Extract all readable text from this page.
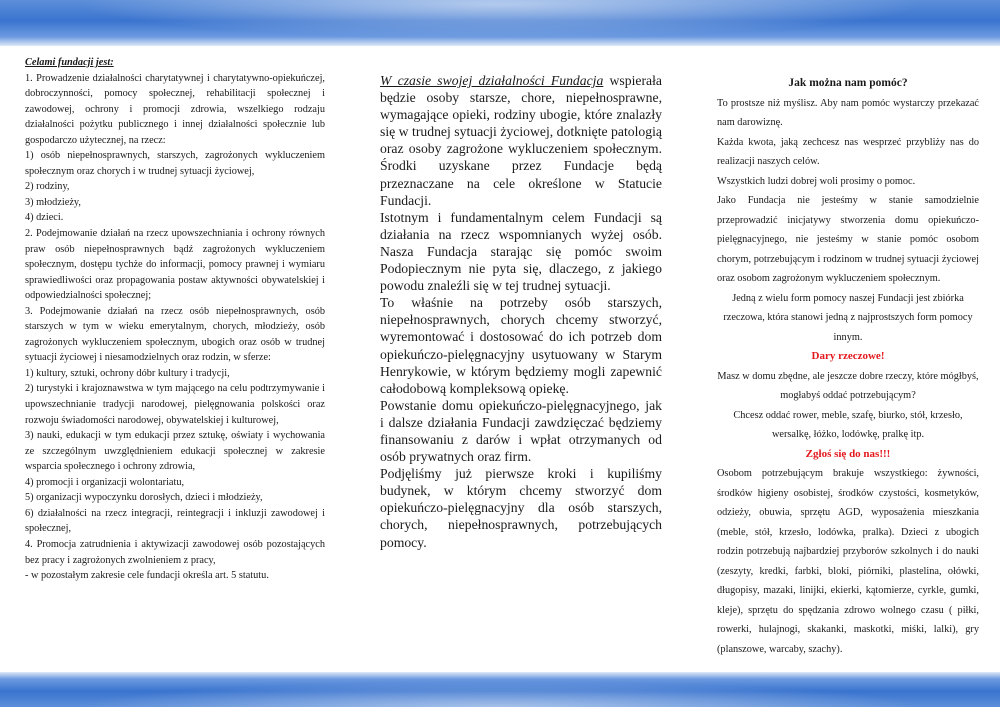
Celami fundacji jest:

1. Prowadzenie działalności charytatywnej i charytatywno-opiekuńczej, dobroczynności, pomocy społecznej, rehabilitacji społecznej i zawodowej, ochrony i promocji zdrowia, wszelkiego rodzaju działalności pożytku publicznego i innej działalności społecznie lub gospodarczo użytecznej, na rzecz:

1) osób niepełnosprawnych, starszych, zagrożonych wykluczeniem społecznym oraz chorych i w trudnej sytuacji życiowej,

2) rodziny,

3) młodzieży,

4) dzieci.

2. Podejmowanie działań na rzecz upowszechniania i ochrony równych praw osób niepełnosprawnych bądź zagrożonych wykluczeniem społecznym, dostępu tychże do informacji, pomocy prawnej i wymiaru sprawiedliwości oraz propagowania postaw aktywności obywatelskiej i odpowiedzialności społecznej;

3. Podejmowanie działań na rzecz osób niepełnosprawnych, osób starszych w tym w wieku emerytalnym, chorych, młodzieży, osób zagrożonych wykluczeniem społecznym, ubogich oraz osób w trudnej sytuacji życiowej i niesamodzielnych oraz rodzin, w sferze:

1) kultury, sztuki, ochrony dóbr kultury i tradycji,

2) turystyki i krajoznawstwa w tym mającego na celu podtrzymywanie i upowszechnianie tradycji narodowej, pielęgnowania polskości oraz rozwoju świadomości narodowej, obywatelskiej i kulturowej,

3) nauki, edukacji w tym edukacji przez sztukę, oświaty i wychowania ze szczególnym uwzględnieniem edukacji społecznej w zakresie wsparcia społecznego i ochrony zdrowia,

4) promocji i organizacji wolontariatu,

5) organizacji wypoczynku dorosłych, dzieci i młodzieży,

6) działalności na rzecz integracji, reintegracji i inkluzji zawodowej i społecznej,

4. Promocja zatrudnienia i aktywizacji zawodowej osób pozostających bez pracy i zagrożonych zwolnieniem z pracy,

- w pozostałym zakresie cele fundacji określa art. 5 statutu.

W czasie swojej działalności Fundacja wspierała będzie osoby starsze, chore, niepełnosprawne, wymagające opieki, rodziny ubogie, które znalazły się w trudnej sytuacji życiowej, dotknięte patologią oraz osoby zagrożone wykluczeniem społecznym. Środki uzyskane przez Fundacje będą przeznaczane na cele określone w Statucie Fundacji.

Istotnym i fundamentalnym celem Fundacji są działania na rzecz wspomnianych wyżej osób. Nasza Fundacja starając się pomóc swoim Podopiecznym nie pyta się, dlaczego, z jakiego powodu znaleźli się w tej trudnej sytuacji.

To właśnie na potrzeby osób starszych, niepełnosprawnych, chorych chcemy stworzyć, wyremontować i dostosować do ich potrzeb dom opiekuńczo-pielęgnacyjny usytuowany w Starym Henrykowie, w którym będziemy mogli zapewnić całodobową kompleksową opiekę.

Powstanie domu opiekuńczo-pielęgnacyjnego, jak i dalsze działania Fundacji zawdzięczać będziemy finansowaniu z darów i wpłat otrzymanych od osób prywatnych oraz firm.

Podjęliśmy już pierwsze kroki i kupiliśmy budynek, w którym chcemy stworzyć dom opiekuńczo-pielęgnacyjny dla osób starszych, chorych, niepełnosprawnych, potrzebujących pomocy.

Jak można nam pomóc?

To prostsze niż myślisz. Aby nam pomóc wystarczy przekazać nam darowiznę.

Każda kwota, jaką zechcesz nas wesprzeć przybliży nas do realizacji naszych celów.

Wszystkich ludzi dobrej woli prosimy o pomoc.

Jako Fundacja nie jesteśmy w stanie samodzielnie przeprowadzić inicjatywy stworzenia domu opiekuńczo-pielęgnacyjnego, nie jesteśmy w stanie pomóc osobom chorym, potrzebującym i rodzinom w trudnej sytuacji życiowej oraz osobom zagrożonym wykluczeniem społecznym.

Jedną z wielu form pomocy naszej Fundacji jest zbiórka rzeczowa, która stanowi jedną z najprostszych form pomocy innym.

Dary rzeczowe!

Masz w domu zbędne, ale jeszcze dobre rzeczy, które mógłbyś, mogłabyś oddać potrzebującym?

Chcesz oddać rower, meble, szafę, biurko, stół, krzesło, wersalkę, łóżko, lodówkę, pralkę itp.

Zgłoś się do nas!!!

Osobom potrzebującym brakuje wszystkiego: żywności, środków higieny osobistej, środków czystości, kosmetyków, odzieży, obuwia, sprzętu AGD, wyposażenia mieszkania (meble, stół, krzesło, lodówka, pralka). Dzieci z ubogich rodzin potrzebują najbardziej przyborów szkolnych i do nauki (zeszyty, kredki, farbki, bloki, piórniki, plastelina, ołówki, długopisy, mazaki, linijki, ekierki, kątomierze, cyrkle, gumki, kleje), sprzętu do spędzania zdrowo wolnego czasu ( piłki, rowerki, hulajnogi, skakanki, maskotki, miśki, lalki), gry (planszowe, warcaby, szachy).
